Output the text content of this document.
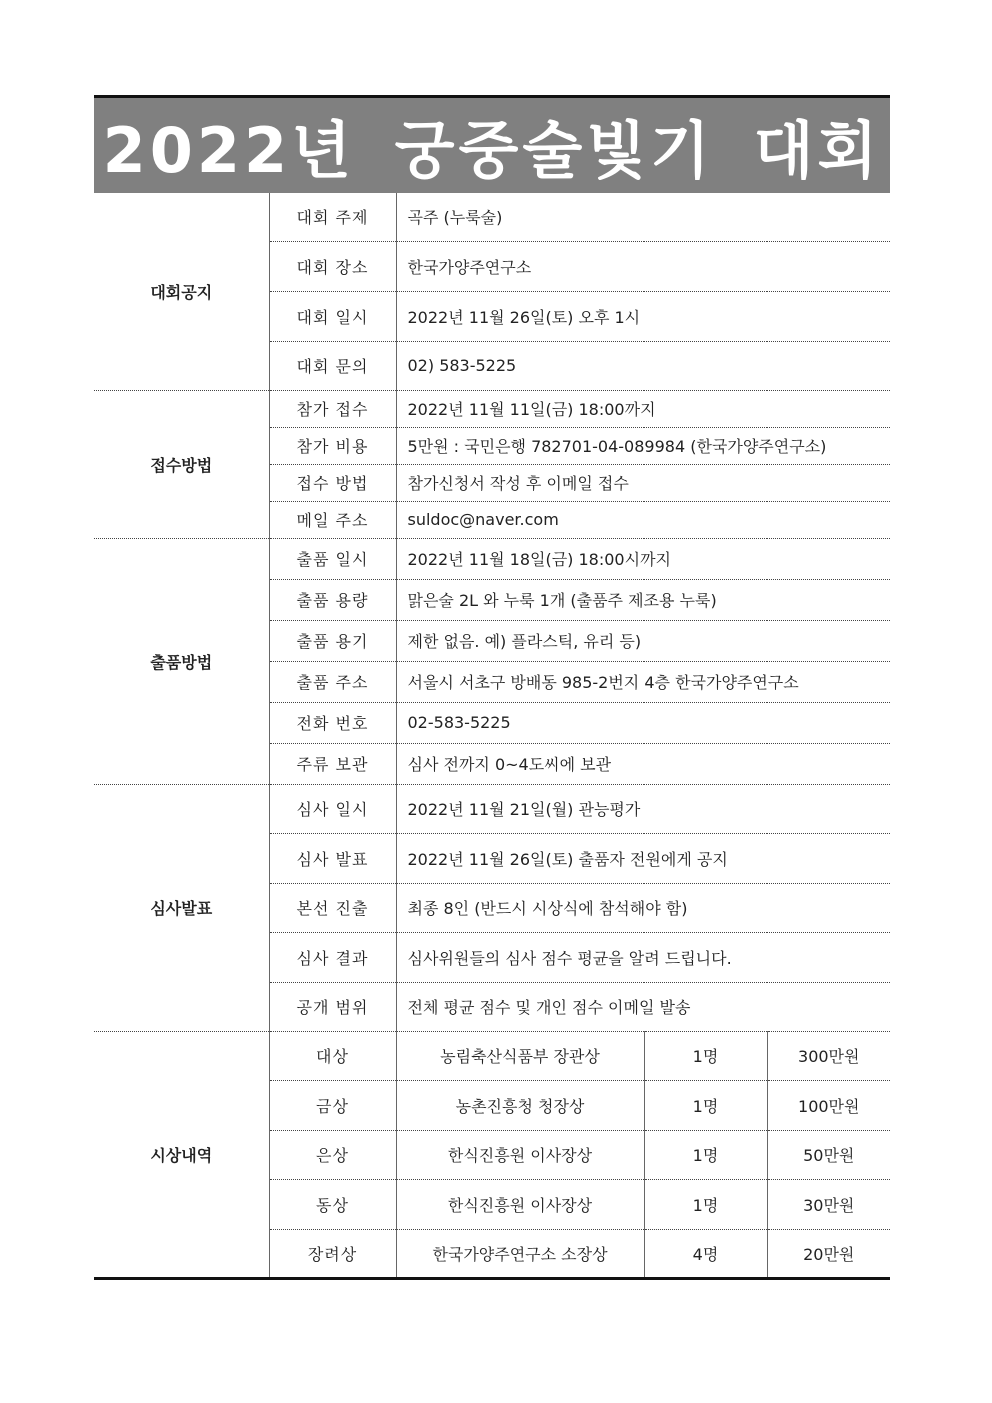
2022년 궁중술빛기 대회
대회공지	대회 주제	곡주 (누룩술)		
	대회 장소	한국가양주연구소		
	대회 일시	2022년 11월 26일(토) 오후 1시		
	대회 문의	02) 583-5225		
접수방법	참가 접수	2022년 11월 11일(금) 18:00까지		
	참가 비용	5만원 : 국민은행 782701-04-089984 (한국가양주연구소)		
	접수 방법	참가신청서 작성 후 이메일 접수		
	메일 주소	suldoc@naver.com		
출품방법	출품 일시	2022년 11월 18일(금) 18:00시까지		
	출품 용량	맑은술 2L 와 누룩 1개 (출품주 제조용 누룩)		
	출품 용기	제한 없음. 예) 플라스틱, 유리 등)		
	출품 주소	서울시 서초구 방배동 985-2번지 4층 한국가양주연구소		
	전화 번호	02-583-5225		
	주류 보관	심사 전까지 0~4도씨에 보관		
심사발표	심사 일시	2022년 11월 21일(월) 관능평가		
	심사 발표	2022년 11월 26일(토) 출품자 전원에게 공지		
	본선 진출	최종 8인 (반드시 시상식에 참석해야 함)		
	심사 결과	심사위원들의 심사 점수 평균을 알려 드립니다.		
	공개 범위	전체 평균 점수 및 개인 점수 이메일 발송		
시상내역	대상	농림축산식품부 장관상	1명	300만원
	금상	농촌진흥청 청장상	1명	100만원
	은상	한식진흥원 이사장상	1명	50만원
	동상	한식진흥원 이사장상	1명	30만원
	장려상	한국가양주연구소 소장상	4명	20만원
